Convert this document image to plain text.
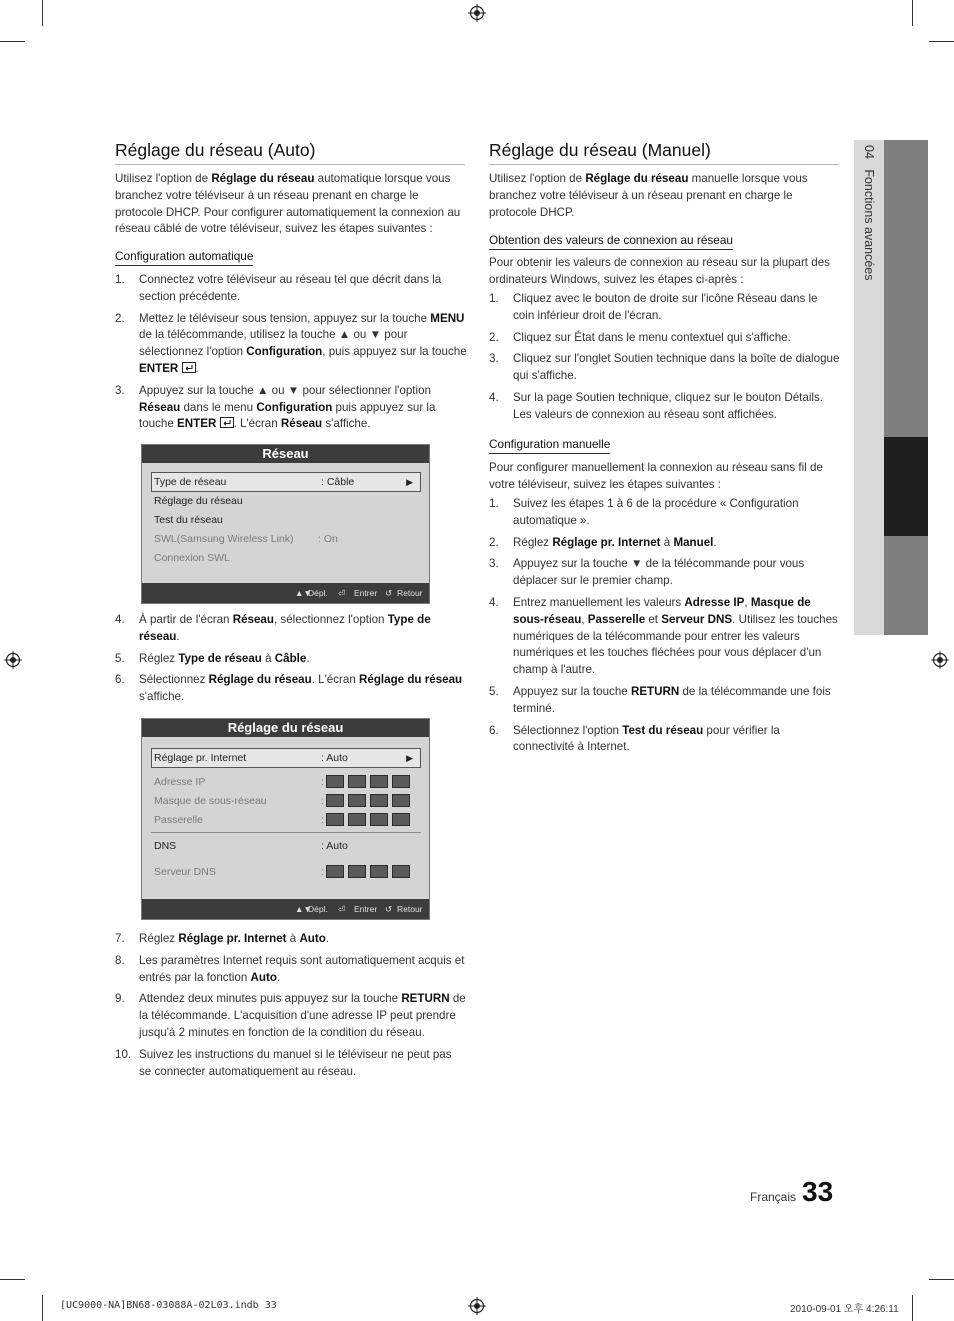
04   Fonctions avancées
Réglage du réseau (Auto)
Utilisez l'option de Réglage du réseau automatique lorsque vous branchez votre téléviseur à un réseau prenant en charge le protocole DHCP. Pour configurer automatiquement la connexion au réseau câblé de votre téléviseur, suivez les étapes suivantes :
Configuration automatique
1. Connectez votre téléviseur au réseau tel que décrit dans la section précédente.
2. Mettez le téléviseur sous tension, appuyez sur la touche MENU de la télécommande, utilisez la touche ▲ ou ▼ pour sélectionnez l'option Configuration, puis appuyez sur la touche ENTER .
3. Appuyez sur la touche ▲ ou ▼ pour sélectionner l'option Réseau dans le menu Configuration puis appuyez sur la touche ENTER . L'écran Réseau s'affiche.
Réseau
Type de réseau	: Câble	▶
Réglage du réseau
Test du réseau
SWL(Samsung Wireless Link) : On
Connexion SWL
▲▼
Dépl. ⏎ Entrer ↺ Retour
4. À partir de l'écran Réseau, sélectionnez l'option Type de réseau.
5. Réglez Type de réseau à Câble.
6. Sélectionnez Réglage du réseau. L'écran Réglage du réseau s'affiche.
Réglage du réseau
Réglage pr. Internet	: Auto	▶
Adresse IP	:
Masque de sous-réseau	:
Passerelle	:
DNS	: Auto
Serveur DNS	:
▲▼
Dépl. ⏎ Entrer ↺ Retour
7. Réglez Réglage pr. Internet à Auto.
8. Les paramètres Internet requis sont automatiquement acquis et entrés par la fonction Auto.
9. Attendez deux minutes puis appuyez sur la touche RETURN de la télécommande. L'acquisition d'une adresse IP peut prendre jusqu'à 2 minutes en fonction de la condition du réseau.
10. Suivez les instructions du manuel si le téléviseur ne peut pas se connecter automatiquement au réseau.
Réglage du réseau (Manuel)
Utilisez l'option de Réglage du réseau manuelle lorsque vous branchez votre téléviseur à un réseau prenant en charge le protocole DHCP.
Obtention des valeurs de connexion au réseau
Pour obtenir les valeurs de connexion au réseau sur la plupart des ordinateurs Windows, suivez les étapes ci-après :
1. Cliquez avec le bouton de droite sur l'icône Réseau dans le coin inférieur droit de l'écran.
2. Cliquez sur État dans le menu contextuel qui s'affiche.
3. Cliquez sur l'onglet Soutien technique dans la boîte de dialogue qui s'affiche.
4. Sur la page Soutien technique, cliquez sur le bouton Détails. Les valeurs de connexion au réseau sont affichées.
Configuration manuelle
Pour configurer manuellement la connexion au réseau sans fil de votre téléviseur, suivez les étapes suivantes :
1. Suivez les étapes 1 à 6 de la procédure « Configuration automatique ».
2. Réglez Réglage pr. Internet à Manuel.
3. Appuyez sur la touche ▼ de la télécommande pour vous déplacer sur le premier champ.
4. Entrez manuellement les valeurs Adresse IP, Masque de sous-réseau, Passerelle et Serveur DNS. Utilisez les touches numériques de la télécommande pour entrer les valeurs numériques et les touches fléchées pour vous déplacer d'un champ à l'autre.
5. Appuyez sur la touche RETURN de la télécommande une fois terminé.
6. Sélectionnez l'option Test du réseau pour vérifier la connectivité à Internet.
Français 33
[UC9000-NA]BN68-03088A-02L03.indb 33	2010-09-01 오후 4:26:11
